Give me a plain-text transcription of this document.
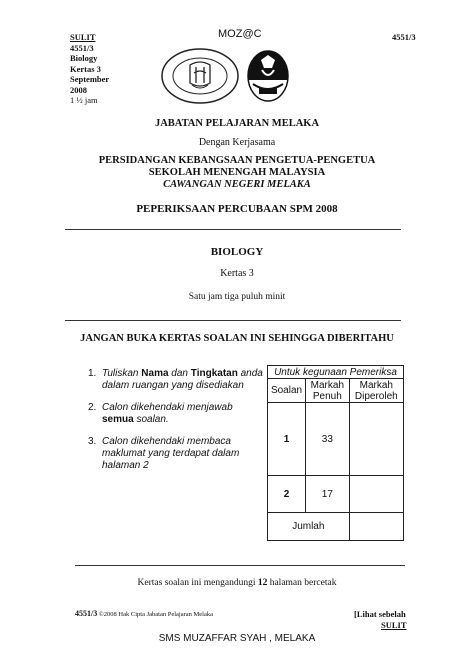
SULIT
4551/3
Biology
Kertas 3
September
2008
1 ½ jam
MOZ@C	4551/3
JABATAN PELAJARAN MELAKA
Dengan Kerjasama
PERSIDANGAN KEBANGSAAN PENGETUA-PENGETUA
SEKOLAH MENENGAH MALAYSIA
CAWANGAN NEGERI MELAKA
PEPERIKSAAN PERCUBAAN SPM 2008
BIOLOGY
Kertas 3
Satu jam tiga puluh minit
JANGAN BUKA KERTAS SOALAN INI SEHINGGA DIBERITAHU
1. Tuliskan Nama dan Tingkatan anda dalam ruangan yang disediakan
2. Calon dikehendaki menjawab semua soalan.
3. Calon dikehendaki membaca maklumat yang terdapat dalam halaman 2
Untuk kegunaan Pemeriksa		
Soalan	Markah Penuh	Markah Diperoleh
1	33	
2	17	
Jumlah		
Kertas soalan ini mengandungi 12 halaman bercetak
4551/3 ©2008 Hak Cipta Jabatan Pelajaran Melaka	[Lihat sebelah
SULIT
SMS MUZAFFAR SYAH , MELAKA
